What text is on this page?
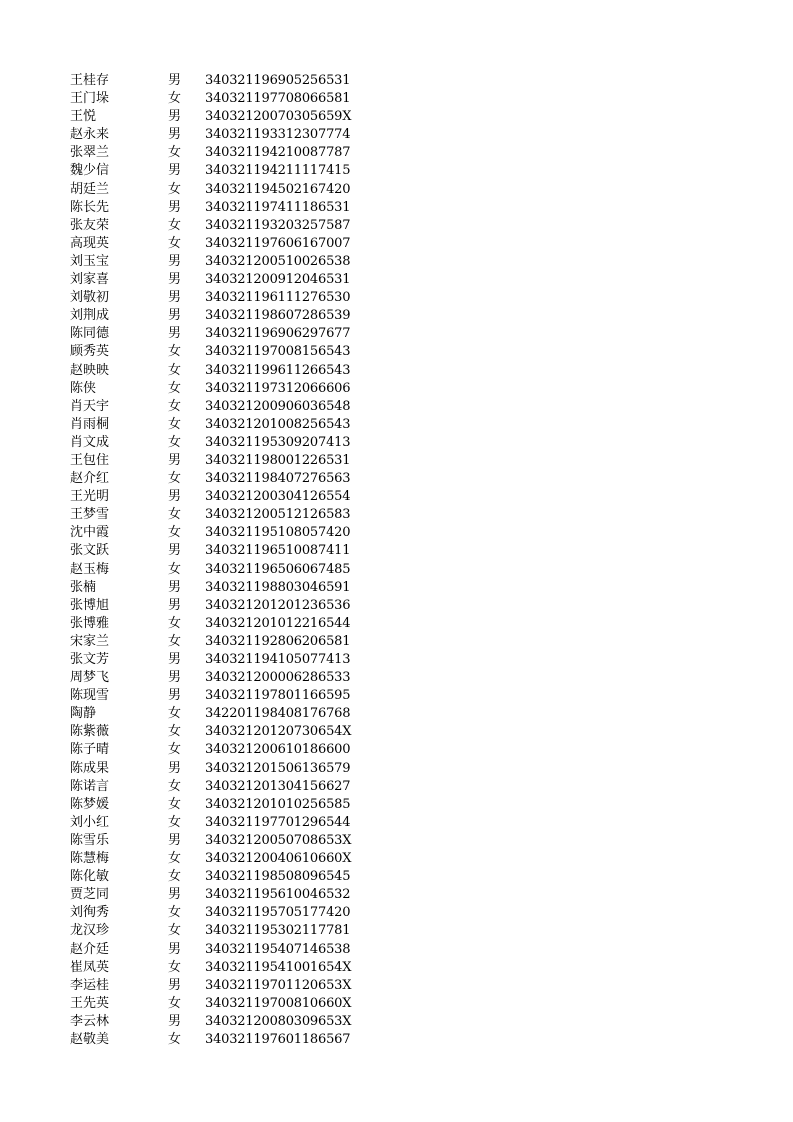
王桂存	男 340321196905256531
王门垛	女 340321197708066581
王悦	男 34032120070305659X
赵永来	男 340321193312307774
张翠兰	女 340321194210087787
魏少信	男 340321194211117415
胡廷兰	女 340321194502167420
陈长先	男 340321197411186531
张友荣	女 340321193203257587
高现英	女 340321197606167007
刘玉宝	男 340321200510026538
刘家喜	男 340321200912046531
刘敬初	男 340321196111276530
刘荆成	男 340321198607286539
陈同德	男 340321196906297677
顾秀英	女 340321197008156543
赵映映	女 340321199611266543
陈侠	女 340321197312066606
肖天宇	女 340321200906036548
肖雨桐	女 340321201008256543
肖文成	女 340321195309207413
王包住	男 340321198001226531
赵介红	女 340321198407276563
王光明	男 340321200304126554
王梦雪	女 340321200512126583
沈中霞	女 340321195108057420
张文跃	男 340321196510087411
赵玉梅	女 340321196506067485
张楠	男 340321198803046591
张博旭	男 340321201201236536
张博雅	女 340321201012216544
宋家兰	女 340321192806206581
张文芳	男 340321194105077413
周梦飞	男 340321200006286533
陈现雪	男 340321197801166595
陶静	女 342201198408176768
陈紫薇	女 34032120120730654X
陈子晴	女 340321200610186600
陈成果	男 340321201506136579
陈诺言	女 340321201304156627
陈梦媛	女 340321201010256585
刘小红	女 340321197701296544
陈雪乐	男 34032120050708653X
陈慧梅	女 34032120040610660X
陈化敏	女 340321198508096545
贾芝同	男 340321195610046532
刘徇秀	女 340321195705177420
龙汉珍	女 340321195302117781
赵介廷	男 340321195407146538
崔凤英	女 34032119541001654X
李运桂	男 34032119701120653X
王先英	女 34032119700810660X
李云林	男 34032120080309653X
赵敬美	女 340321197601186567
